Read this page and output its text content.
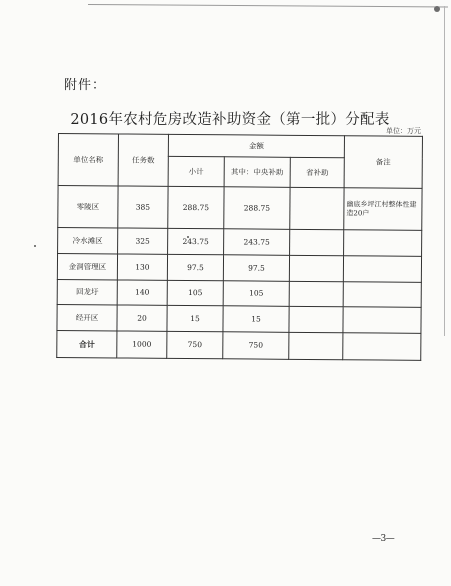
附件：
2016年农村危房改造补助资金（第一批）分配表
单位：万元
单位名称	任务数	金额			备注
		小计	其中：中央补助	省补助	
零陵区	385	288.75	288.75		幽底乡坪江村整体性建造20户
冷水滩区	325	243.75	243.75		
金洞管理区	130	97.5	97.5		
回龙圩	140	105	105		
经开区	20	15	15		
合计	1000	750	750		
—3—
